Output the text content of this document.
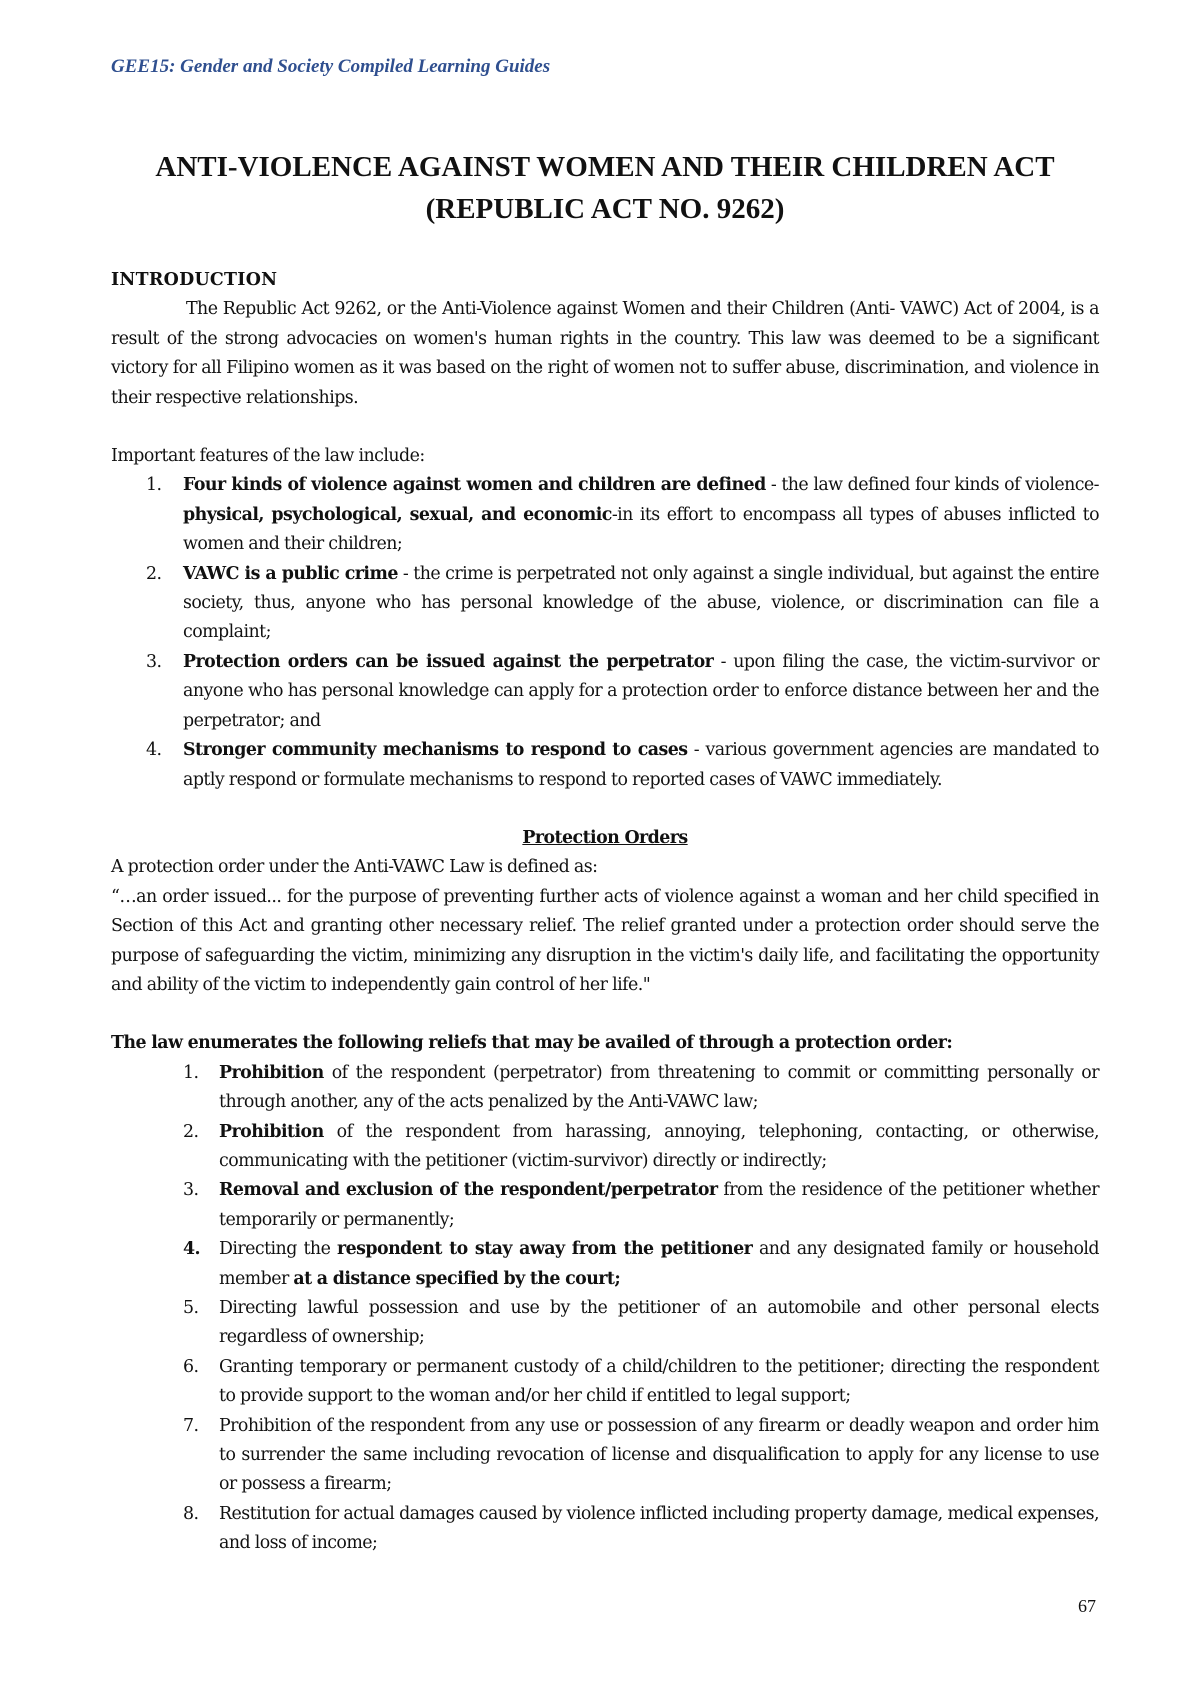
GEE15: Gender and Society Compiled Learning Guides
ANTI-VIOLENCE AGAINST WOMEN AND THEIR CHILDREN ACT
(REPUBLIC ACT NO. 9262)

INTRODUCTION

The Republic Act 9262, or the Anti-Violence against Women and their Children (Anti- VAWC) Act of 2004, is a result of the strong advocacies on women's human rights in the country. This law was deemed to be a significant victory for all Filipino women as it was based on the right of women not to suffer abuse, discrimination, and violence in their respective relationships.

Important features of the law include:

1. Four kinds of violence against women and children are defined - the law defined four kinds of violence-physical, psychological, sexual, and economic-in its effort to encompass all types of abuses inflicted to women and their children;
2. VAWC is a public crime - the crime is perpetrated not only against a single individual, but against the entire society, thus, anyone who has personal knowledge of the abuse, violence, or discrimination can file a complaint;
3. Protection orders can be issued against the perpetrator - upon filing the case, the victim-survivor or anyone who has personal knowledge can apply for a protection order to enforce distance between her and the perpetrator; and
4. Stronger community mechanisms to respond to cases - various government agencies are mandated to aptly respond or formulate mechanisms to respond to reported cases of VAWC immediately.

Protection Orders

A protection order under the Anti-VAWC Law is defined as:

“…an order issued... for the purpose of preventing further acts of violence against a woman and her child specified in Section of this Act and granting other necessary relief. The relief granted under a protection order should serve the purpose of safeguarding the victim, minimizing any disruption in the victim's daily life, and facilitating the opportunity and ability of the victim to independently gain control of her life."

The law enumerates the following reliefs that may be availed of through a protection order:

1. Prohibition of the respondent (perpetrator) from threatening to commit or committing personally or through another, any of the acts penalized by the Anti-VAWC law;
2. Prohibition of the respondent from harassing, annoying, telephoning, contacting, or otherwise, communicating with the petitioner (victim-survivor) directly or indirectly;
3. Removal and exclusion of the respondent/perpetrator from the residence of the petitioner whether temporarily or permanently;
4. Directing the respondent to stay away from the petitioner and any designated family or household member at a distance specified by the court;
5. Directing lawful possession and use by the petitioner of an automobile and other personal elects regardless of ownership;
6. Granting temporary or permanent custody of a child/children to the petitioner; directing the respondent to provide support to the woman and/or her child if entitled to legal support;
7. Prohibition of the respondent from any use or possession of any firearm or deadly weapon and order him to surrender the same including revocation of license and disqualification to apply for any license to use or possess a firearm;
8. Restitution for actual damages caused by violence inflicted including property damage, medical expenses, and loss of income;
67
